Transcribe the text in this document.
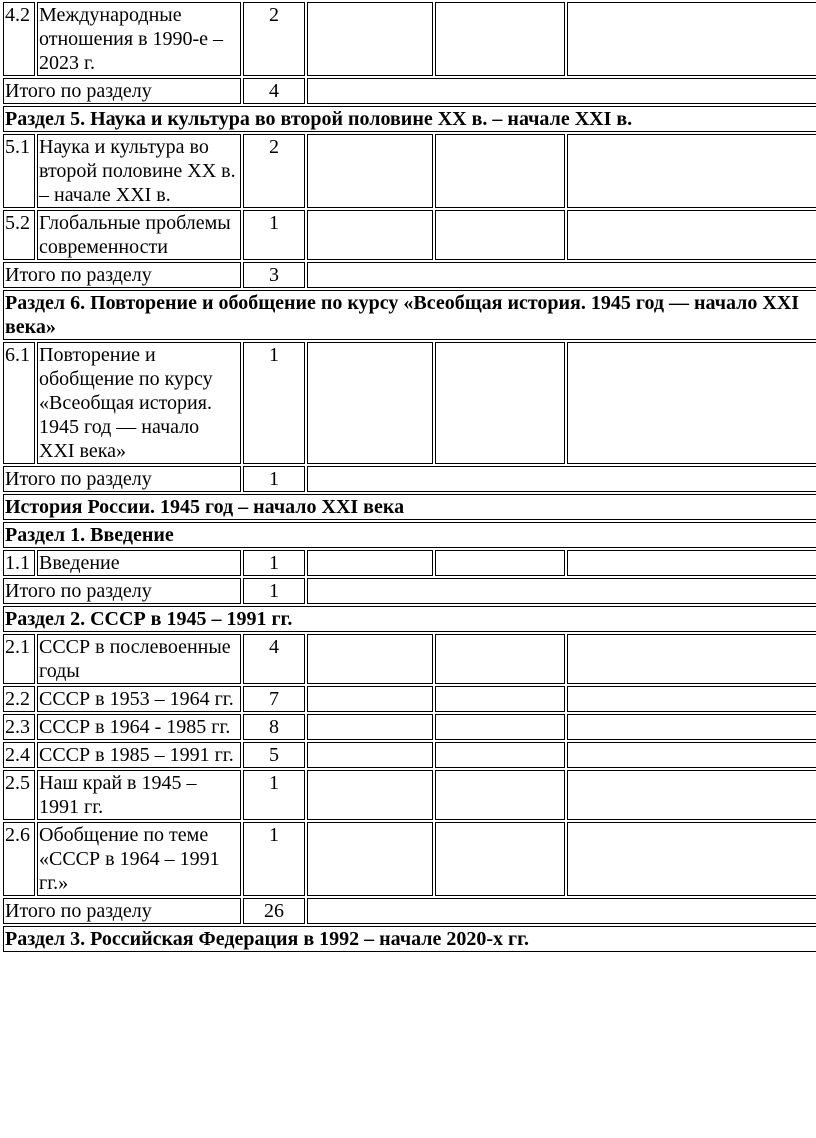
4.2	Международные отношения в 1990-е – 2023 г.	2			
Итого по разделу		4			
Раздел 5. Наука и культура во второй половине XX в. – начале XXI в.					
5.1	Наука и культура во второй половине XX в. – начале XXI в.	2			
5.2	Глобальные проблемы современности	1			
Итого по разделу		3			
Раздел 6. Повторение и обобщение по курсу «Всеобщая история. 1945 год — начало XXI века»					
6.1	Повторение и обобщение по курсу «Всеобщая история. 1945 год — начало XXI века»	1			
Итого по разделу		1			
История России. 1945 год – начало XXI века					
Раздел 1. Введение					
1.1	Введение	1			
Итого по разделу		1			
Раздел 2. СССР в 1945 – 1991 гг.					
2.1	СССР в послевоенные годы	4			
2.2	СССР в 1953 – 1964 гг.	7			
2.3	СССР в 1964 - 1985 гг.	8			
2.4	СССР в 1985 – 1991 гг.	5			
2.5	Наш край в 1945 – 1991 гг.	1			
2.6	Обобщение по теме «СССР в 1964 – 1991 гг.»	1			
Итого по разделу		26			
Раздел 3. Российская Федерация в 1992 – начале 2020-х гг.					
